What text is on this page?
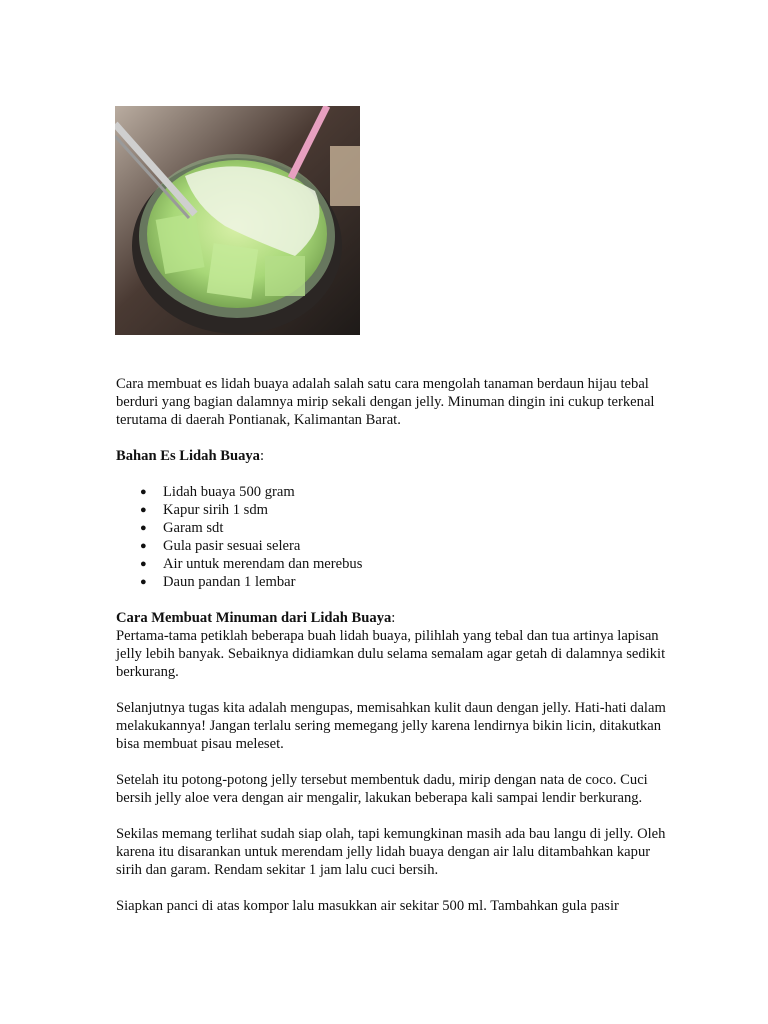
Cara membuat es lidah buaya adalah salah satu cara mengolah tanaman berdaun hijau tebal berduri yang bagian dalamnya mirip sekali dengan jelly. Minuman dingin ini cukup terkenal terutama di daerah Pontianak, Kalimantan Barat.

Bahan Es Lidah Buaya:
● Lidah buaya 500 gram
● Kapur sirih 1 sdm
● Garam sdt
● Gula pasir sesuai selera
● Air untuk merendam dan merebus
● Daun pandan 1 lembar
Cara Membuat Minuman dari Lidah Buaya:

Pertama-tama petiklah beberapa buah lidah buaya, pilihlah yang tebal dan tua artinya lapisan jelly lebih banyak. Sebaiknya didiamkan dulu selama semalam agar getah di dalamnya sedikit berkurang.

Selanjutnya tugas kita adalah mengupas, memisahkan kulit daun dengan jelly. Hati-hati dalam melakukannya! Jangan terlalu sering memegang jelly karena lendirnya bikin licin, ditakutkan bisa membuat pisau meleset.

Setelah itu potong-potong jelly tersebut membentuk dadu, mirip dengan nata de coco. Cuci bersih jelly aloe vera dengan air mengalir, lakukan beberapa kali sampai lendir berkurang.

Sekilas memang terlihat sudah siap olah, tapi kemungkinan masih ada bau langu di jelly. Oleh karena itu disarankan untuk merendam jelly lidah buaya dengan air lalu ditambahkan kapur sirih dan garam. Rendam sekitar 1 jam lalu cuci bersih.

Siapkan panci di atas kompor lalu masukkan air sekitar 500 ml. Tambahkan gula pasir
